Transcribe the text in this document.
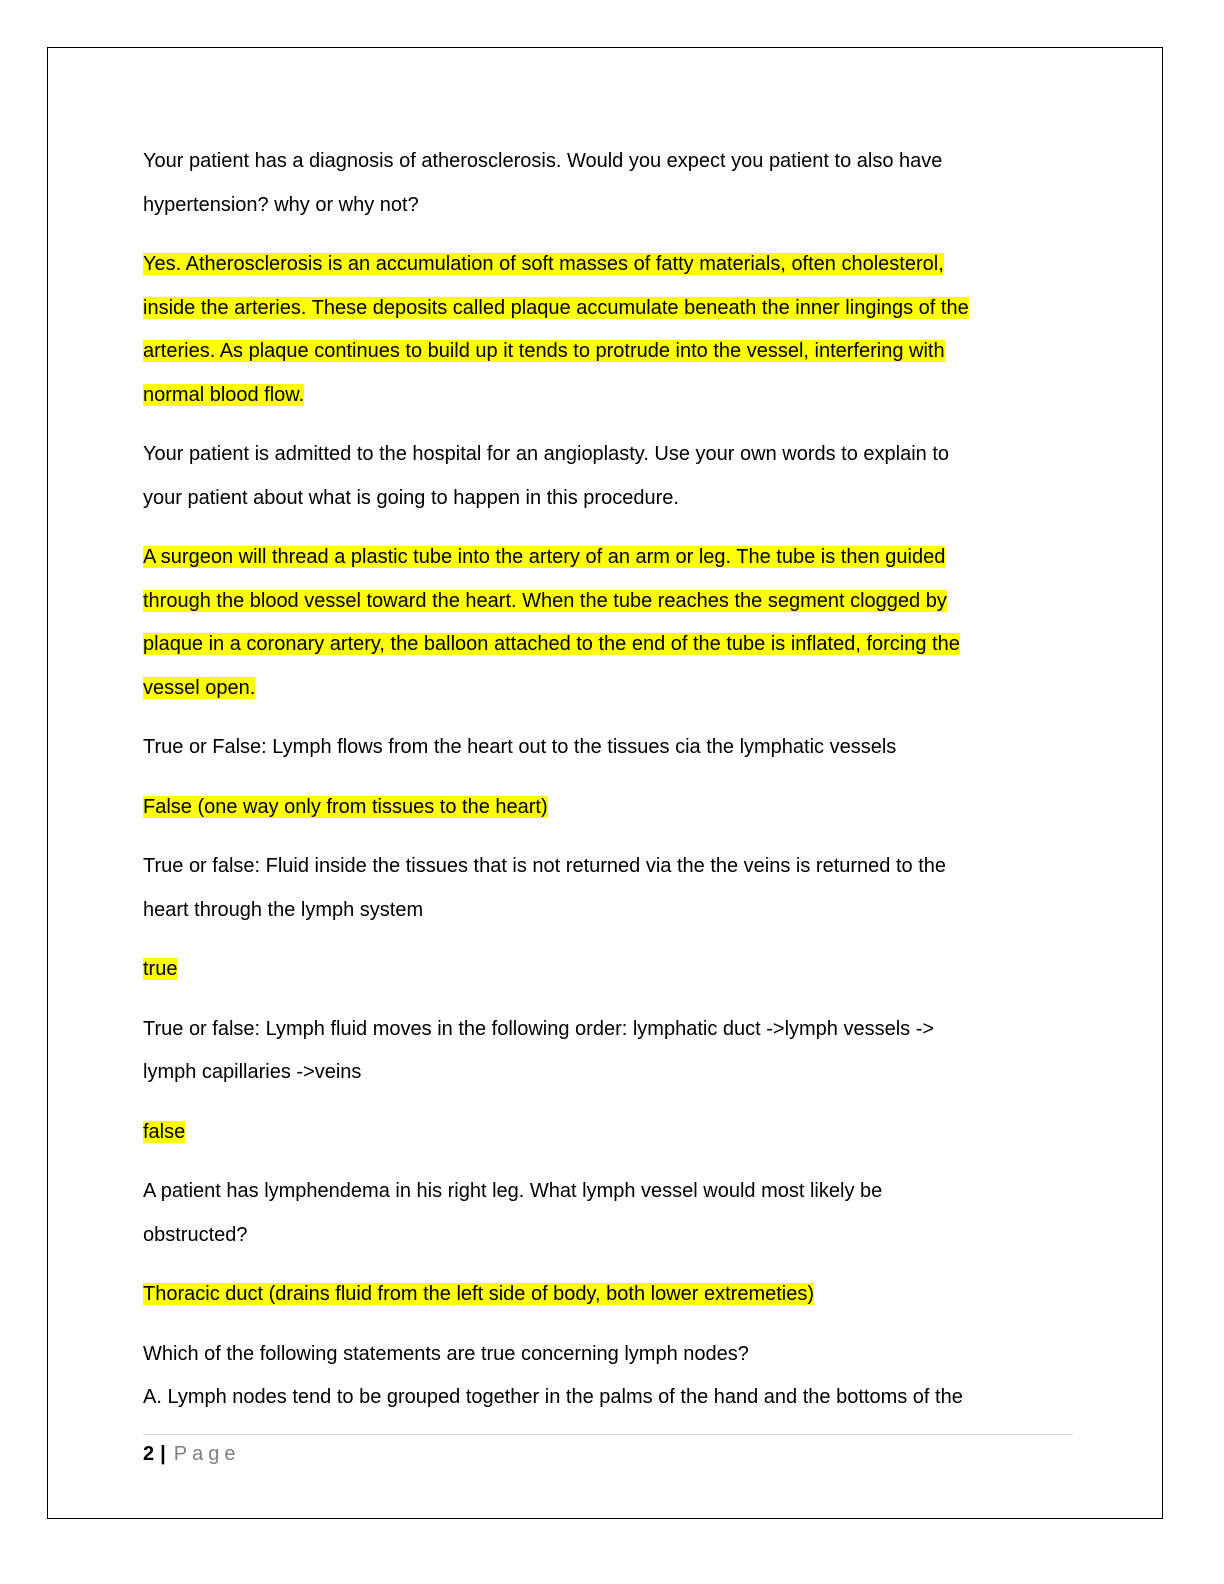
Your patient has a diagnosis of atherosclerosis. Would you expect you patient to also have
hypertension? why or why not?

Yes. Atherosclerosis is an accumulation of soft masses of fatty materials, often cholesterol,
inside the arteries. These deposits called plaque accumulate beneath the inner lingings of the
arteries. As plaque continues to build up it tends to protrude into the vessel, interfering with
normal blood flow.

Your patient is admitted to the hospital for an angioplasty. Use your own words to explain to
your patient about what is going to happen in this procedure.

A surgeon will thread a plastic tube into the artery of an arm or leg. The tube is then guided
through the blood vessel toward the heart. When the tube reaches the segment clogged by
plaque in a coronary artery, the balloon attached to the end of the tube is inflated, forcing the
vessel open.

True or False: Lymph flows from the heart out to the tissues cia the lymphatic vessels

False (one way only from tissues to the heart)

True or false: Fluid inside the tissues that is not returned via the the veins is returned to the
heart through the lymph system

true

True or false: Lymph fluid moves in the following order: lymphatic duct ->lymph vessels ->
lymph capillaries ->veins

false

A patient has lymphendema in his right leg. What lymph vessel would most likely be
obstructed?

Thoracic duct (drains fluid from the left side of body, both lower extremeties)

Which of the following statements are true concerning lymph nodes?
A. Lymph nodes tend to be grouped together in the palms of the hand and the bottoms of the

2 | Page
